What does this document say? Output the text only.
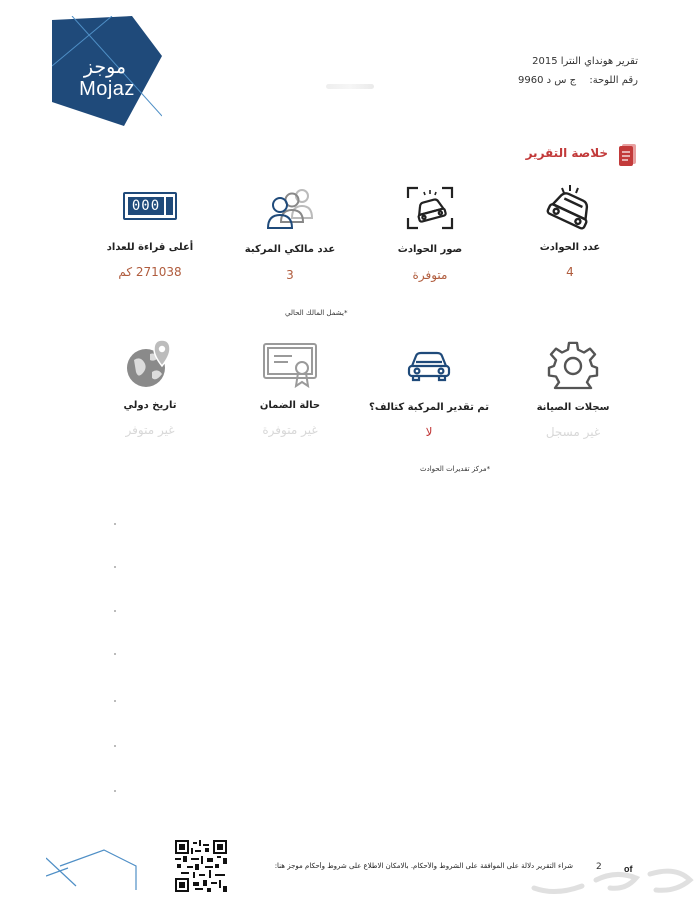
موجز
Mojaz
تقرير هونداي النترا 2015
رقم اللوحة: ج س د 9960
خلاصة التقرير
عدد الحوادث
4
صور الحوادث
متوفرة
عدد مالكي المركبة
3
000
أعلى قراءة للعداد
271038 كم
*يشمل المالك الحالي
سجلات الصيانة
غير مسجل
تم تقدير المركبة كتالف؟
لا
حالة الضمان
غير متوفرة
تاريخ دولي
غير متوفر
*مركز تقديرات الحوادث
شراء التقرير دلالة على الموافقة على الشروط والأحكام. بالامكان الاطلاع على شروط وأحكام موجز هنا:	2 of
